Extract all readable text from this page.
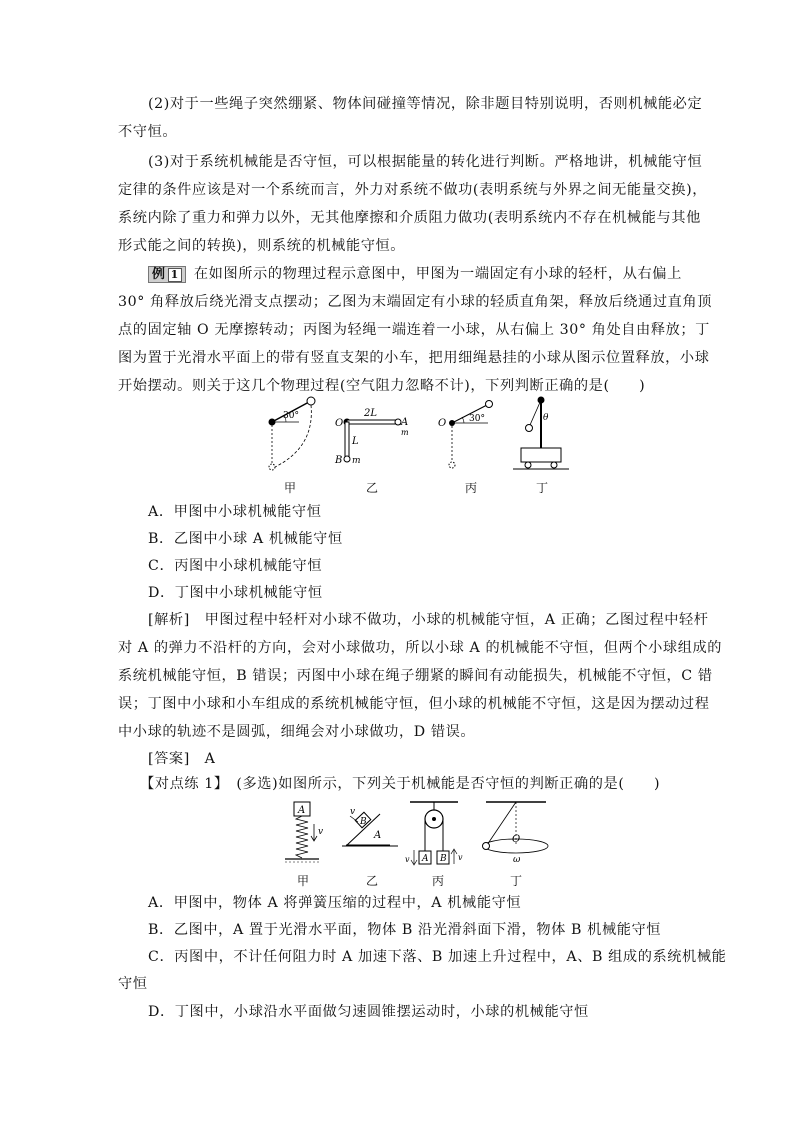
(2)对于一些绳子突然绷紧、物体间碰撞等情况，除非题目特别说明，否则机械能必定
不守恒。
(3)对于系统机械能是否守恒，可以根据能量的转化进行判断。严格地讲，机械能守恒
定律的条件应该是对一个系统而言，外力对系统不做功(表明系统与外界之间无能量交换)，
系统内除了重力和弹力以外，无其他摩擦和介质阻力做功(表明系统内不存在机械能与其他
形式能之间的转换)，则系统的机械能守恒。
例 1 在如图所示的物理过程示意图中，甲图为一端固定有小球的轻杆，从右偏上
30° 角释放后绕光滑支点摆动；乙图为末端固定有小球的轻质直角架，释放后绕通过直角顶
点的固定轴 O 无摩擦转动；丙图为轻绳一端连着一小球，从右偏上 30° 角处自由释放；丁
图为置于光滑水平面上的带有竖直支架的小车，把用细绳悬挂的小球从图示位置释放，小球
开始摆动。则关于这几个物理过程(空气阻力忽略不计)，下列判断正确的是(　　)
30°
O	A
m
2L
L
B m
O	30°	θ
甲	乙	丙	丁
A．甲图中小球机械能守恒
B．乙图中小球 A 机械能守恒
C．丙图中小球机械能守恒
D．丁图中小球机械能守恒
[解析]　甲图过程中轻杆对小球不做功，小球的机械能守恒，A 正确；乙图过程中轻杆
对 A 的弹力不沿杆的方向，会对小球做功，所以小球 A 的机械能不守恒，但两个小球组成的
系统机械能守恒，B 错误；丙图中小球在绳子绷紧的瞬间有动能损失，机械能不守恒，C 错
误；丁图中小球和小车组成的系统机械能守恒，但小球的机械能不守恒，这是因为摆动过程
中小球的轨迹不是圆弧，细绳会对小球做功，D 错误。
[答案]　A
【对点练 1】　(多选)如图所示，下列关于机械能是否守恒的判断正确的是(　　)
A
v	A
B
v
A B
v	v
O
ω
甲	乙	丙	丁
A．甲图中，物体 A 将弹簧压缩的过程中，A 机械能守恒
B．乙图中，A 置于光滑水平面，物体 B 沿光滑斜面下滑，物体 B 机械能守恒
C．丙图中，不计任何阻力时 A 加速下落、B 加速上升过程中，A、B 组成的系统机械能
守恒
D．丁图中，小球沿水平面做匀速圆锥摆运动时，小球的机械能守恒
